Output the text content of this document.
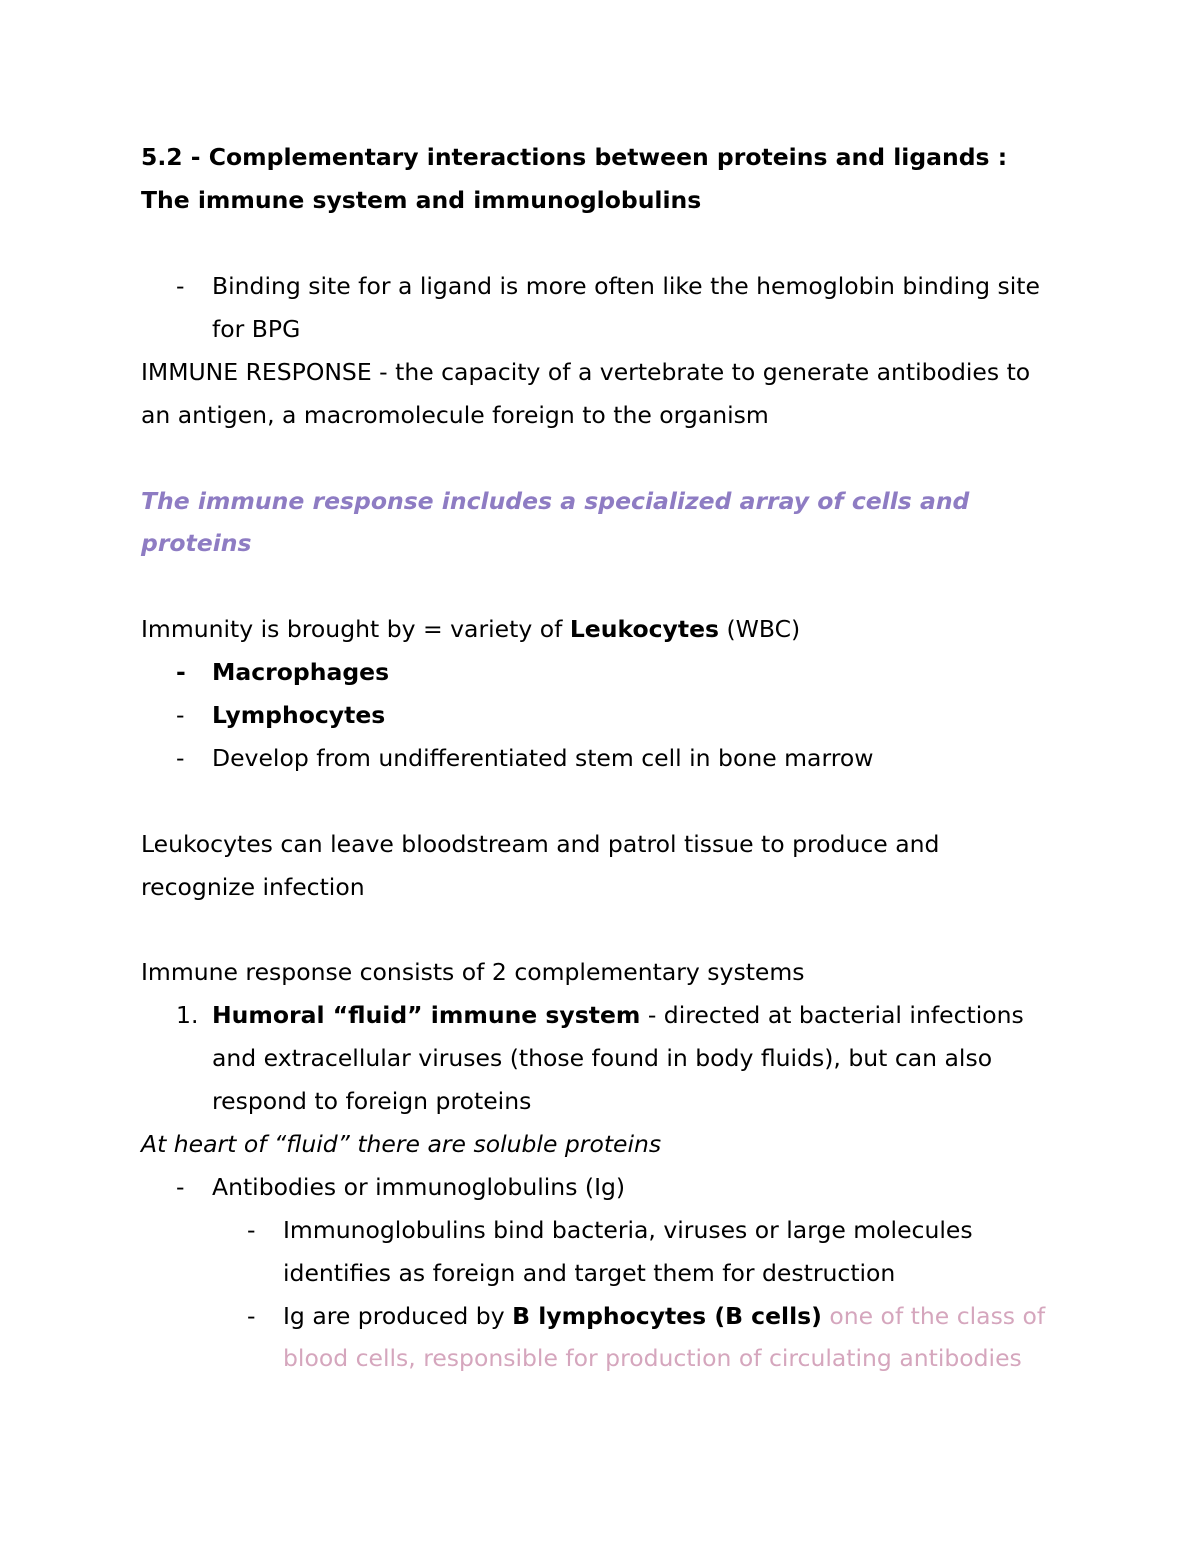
5.2 - Complementary interactions between proteins and ligands :
The immune system and immunoglobulins
- Binding site for a ligand is more often like the hemoglobin binding site
for BPG
IMMUNE RESPONSE - the capacity of a vertebrate to generate antibodies to
an antigen, a macromolecule foreign to the organism
The immune response includes a specialized array of cells and
proteins
Immunity is brought by = variety of Leukocytes (WBC)
- Macrophages
- Lymphocytes
- Develop from undifferentiated stem cell in bone marrow
Leukocytes can leave bloodstream and patrol tissue to produce and
recognize infection
Immune response consists of 2 complementary systems
1. Humoral “fluid” immune system - directed at bacterial infections
and extracellular viruses (those found in body fluids), but can also
respond to foreign proteins
At heart of “fluid” there are soluble proteins
- Antibodies or immunoglobulins (Ig)
- Immunoglobulins bind bacteria, viruses or large molecules
identifies as foreign and target them for destruction
- Ig are produced by B lymphocytes (B cells) one of the class of
blood cells, responsible for production of circulating antibodies
